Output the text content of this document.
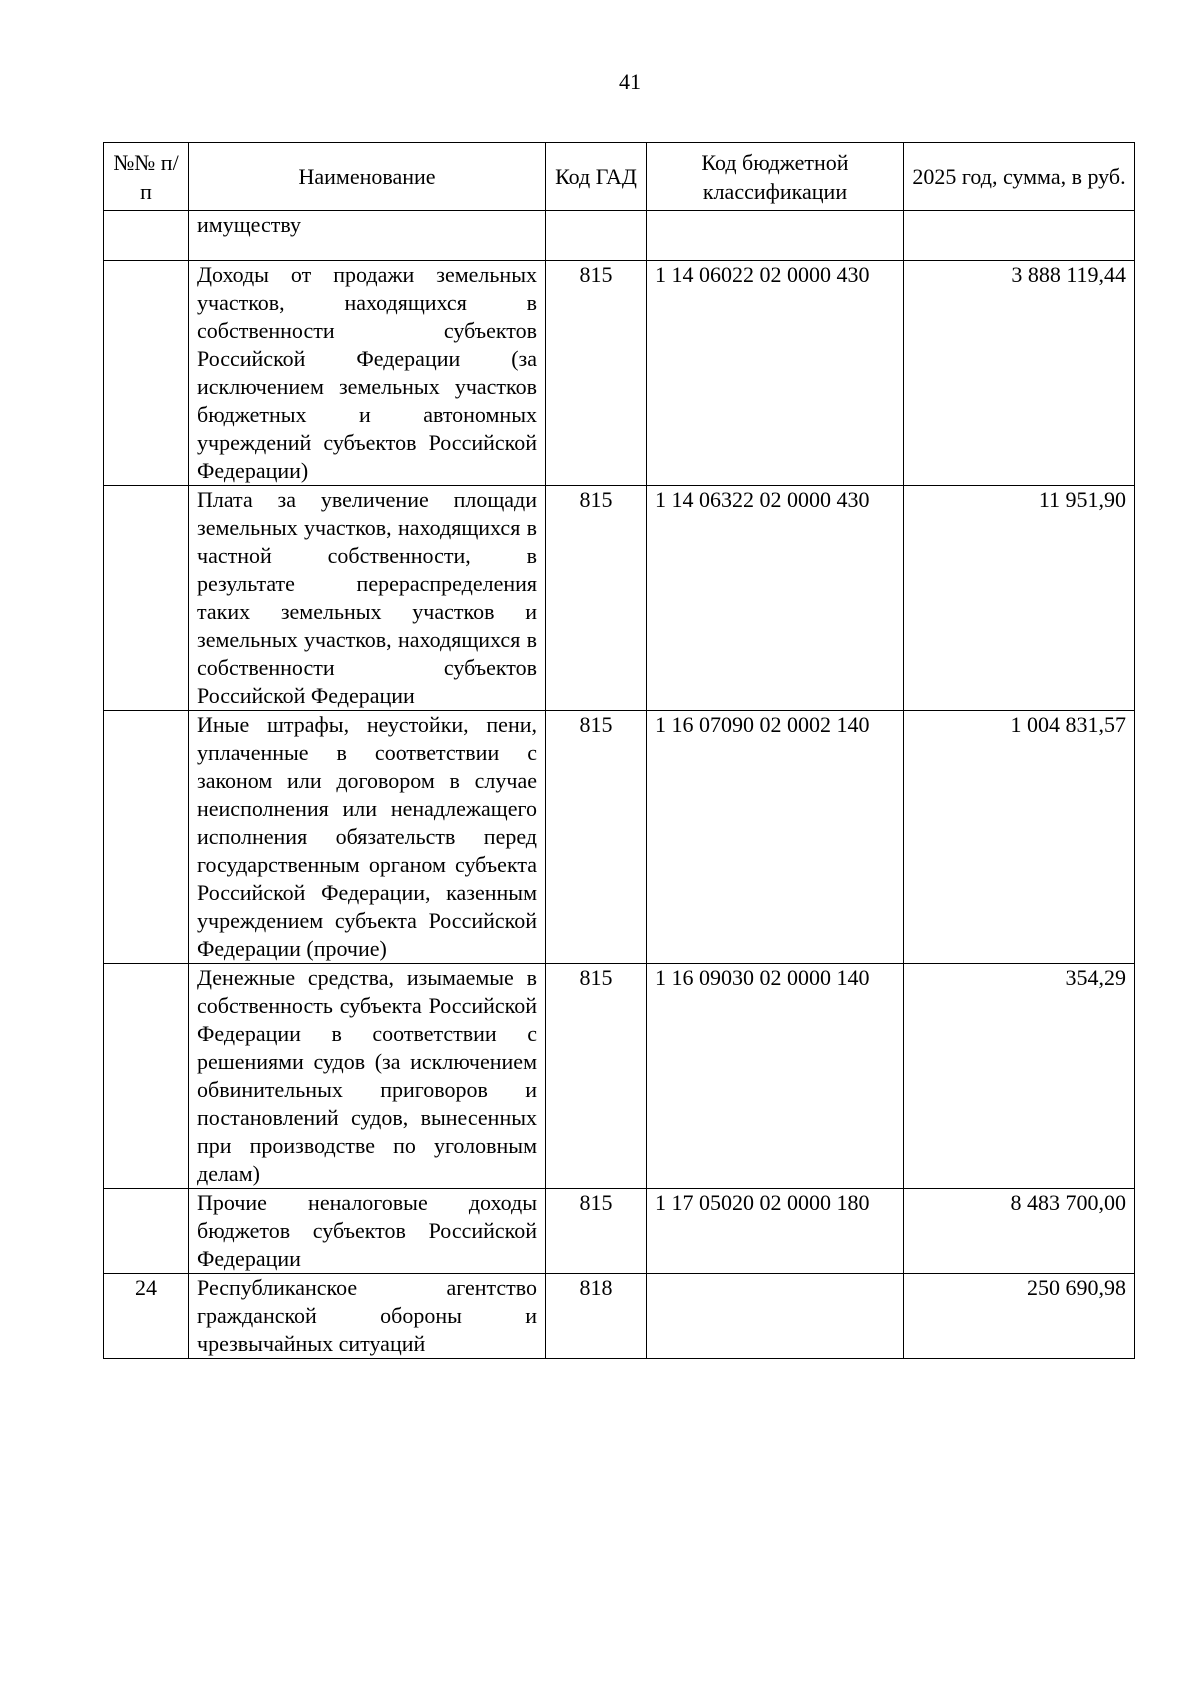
41
№№ п/п	Наименование	Код ГАД	Код бюджетной классификации	2025 год, сумма, в руб.
	имуществу			
	Доходы от продажи земельных участков, находящихся в собственности субъектов Российской Федерации (за исключением земельных участков бюджетных и автономных учреждений субъектов Российской Федерации)	815	1 14 06022 02 0000 430	3 888 119,44
	Плата за увеличение площади земельных участков, находящихся в частной собственности, в результате перераспределения таких земельных участков и земельных участков, находящихся в собственности субъектов Российской Федерации	815	1 14 06322 02 0000 430	11 951,90
	Иные штрафы, неустойки, пени, уплаченные в соответствии с законом или договором в случае неисполнения или ненадлежащего исполнения обязательств перед государственным органом субъекта Российской Федерации, казенным учреждением субъекта Российской Федерации (прочие)	815	1 16 07090 02 0002 140	1 004 831,57
	Денежные средства, изымаемые в собственность субъекта Российской Федерации в соответствии с решениями судов (за исключением обвинительных приговоров и постановлений судов, вынесенных при производстве по уголовным делам)	815	1 16 09030 02 0000 140	354,29
	Прочие неналоговые доходы бюджетов субъектов Российской Федерации	815	1 17 05020 02 0000 180	8 483 700,00
24	Республиканское агентство гражданской обороны и чрезвычайных ситуаций	818		250 690,98
